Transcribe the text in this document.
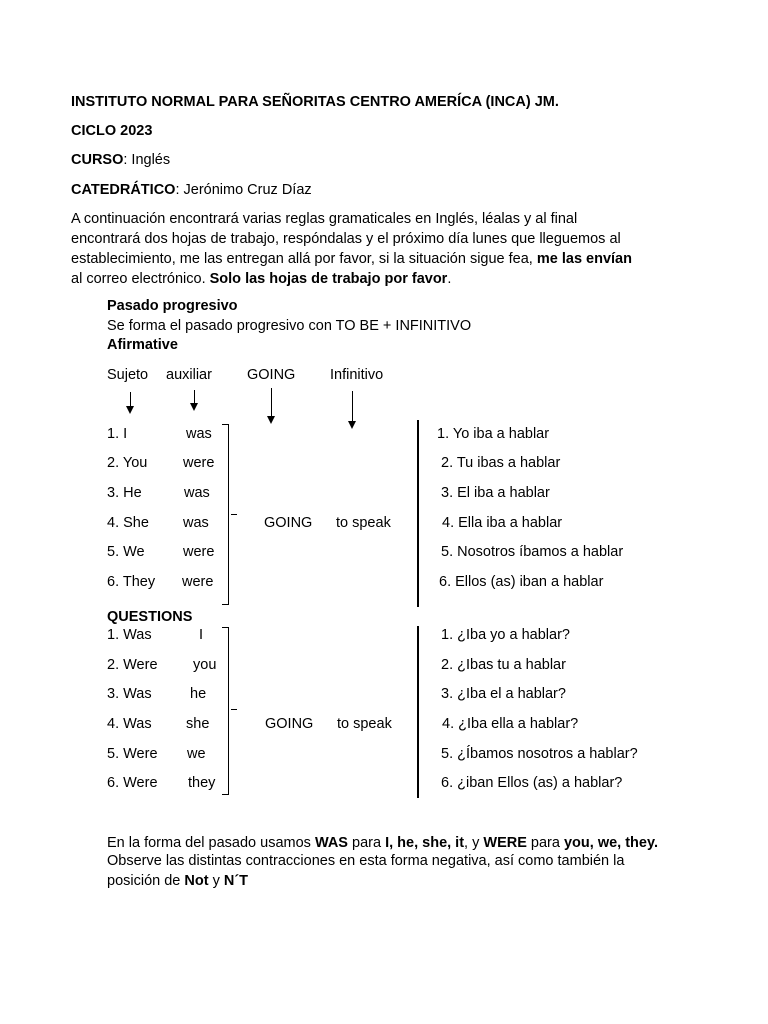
INSTITUTO NORMAL PARA SEÑORITAS CENTRO AMERÍCA (INCA) JM.
CICLO 2023
CURSO: Inglés
CATEDRÁTICO: Jerónimo Cruz Díaz
A continuación encontrará varias reglas gramaticales en Inglés, léalas y al final
encontrará dos hojas de trabajo, respóndalas y el próximo día lunes que lleguemos al
establecimiento, me las entregan allá por favor, si la situación sigue fea, me las envían
al correo electrónico. Solo las hojas de trabajo por favor.
Pasado progresivo
Se forma el pasado progresivo con TO BE + INFINITIVO
Afirmative
Sujeto auxiliar GOING Infinitivo
1. I	was	1. Yo iba a hablar
2. You were	2. Tu ibas a hablar
3. He	was	3. El iba a hablar
4. She was	4. Ella iba a hablar
5. We	were	5. Nosotros íbamos a hablar
6. They were	6. Ellos (as) iban a hablar
GOING to speak
QUESTIONS
1. Was	I	1. ¿Iba yo a hablar?
2. Were you	2. ¿Ibas tu a hablar
3. Was	he	3. ¿Iba el a hablar?
4. Was she	4. ¿Iba ella a hablar?
5. Were we	5. ¿Íbamos nosotros a hablar?
6. Were they	6. ¿iban Ellos (as) a hablar?
GOING to speak
En la forma del pasado usamos WAS para I, he, she, it, y WERE para you, we, they.
Observe las distintas contracciones en esta forma negativa, así como también la
posición de Not y N´T
